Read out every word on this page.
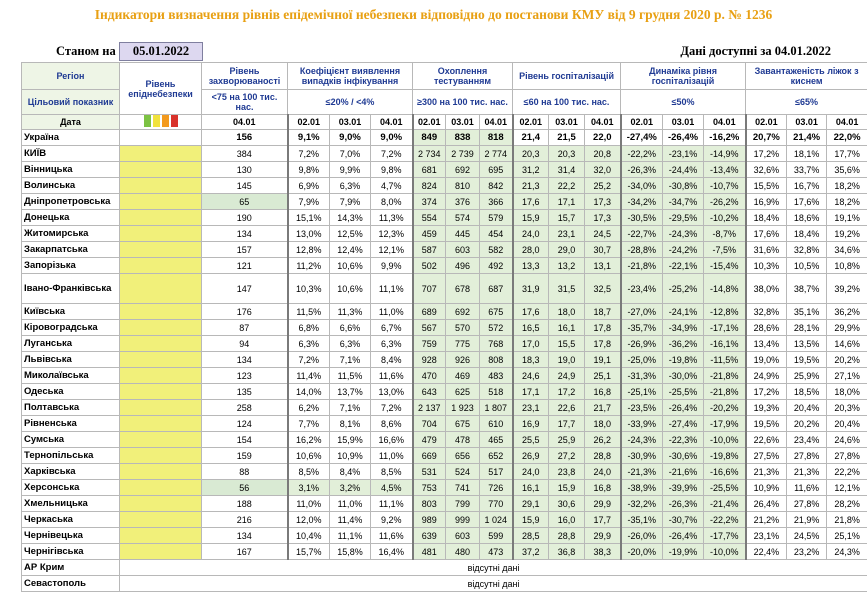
Індикатори визначення рівнів епідемічної небезпеки відповідно до постанови КМУ від 9 грудня 2020 р. № 1236
Станом на	05.01.2022	Дані доступні за 04.01.2022
Регіон	Рівень епіднебезпеки	Рівень захворюваності	Коефіцієнт виявлення випадків інфікування			Охоплення тестуванням			Рівень госпіталізацій			Динаміка рівня госпіталізацій			Завантаженість ліжок з киснем		
Цільовий показник		<75 на 100 тис. нас.	≤20% / <4%			≥300 на 100 тис. нас.			≤60 на 100 тис. нас.			≤50%			≤65%		
Дата		04.01	02.01	03.01	04.01	02.01	03.01	04.01	02.01	03.01	04.01	02.01	03.01	04.01	02.01	03.01	04.01
Україна		156	9,1%	9,0%	9,0%	849	838	818	21,4	21,5	22,0	-27,4%	-26,4%	-16,2%	20,7%	21,4%	22,0%
КИЇВ		384	7,2%	7,0%	7,2%	2 734	2 739	2 774	20,3	20,3	20,8	-22,2%	-23,1%	-14,9%	17,2%	18,1%	17,7%
Вінницька		130	9,8%	9,9%	9,8%	681	692	695	31,2	31,4	32,0	-26,3%	-24,4%	-13,4%	32,6%	33,7%	35,6%
Волинська		145	6,9%	6,3%	4,7%	824	810	842	21,3	22,2	25,2	-34,0%	-30,8%	-10,7%	15,5%	16,7%	18,2%
Дніпропетровська		65	7,9%	7,9%	8,0%	374	376	366	17,6	17,1	17,3	-34,2%	-34,7%	-26,2%	16,9%	17,6%	18,2%
Донецька		190	15,1%	14,3%	11,3%	554	574	579	15,9	15,7	17,3	-30,5%	-29,5%	-10,2%	18,4%	18,6%	19,1%
Житомирська		134	13,0%	12,5%	12,3%	459	445	454	24,0	23,1	24,5	-22,7%	-24,3%	-8,7%	17,6%	18,4%	19,2%
Закарпатська		157	12,8%	12,4%	12,1%	587	603	582	28,0	29,0	30,7	-28,8%	-24,2%	-7,5%	31,6%	32,8%	34,6%
Запорізька		121	11,2%	10,6%	9,9%	502	496	492	13,3	13,2	13,1	-21,8%	-22,1%	-15,4%	10,3%	10,5%	10,8%
Івано-Франківська		147	10,3%	10,6%	11,1%	707	678	687	31,9	31,5	32,5	-23,4%	-25,2%	-14,8%	38,0%	38,7%	39,2%
Київська		176	11,5%	11,3%	11,0%	689	692	675	17,6	18,0	18,7	-27,0%	-24,1%	-12,8%	32,8%	35,1%	36,2%
Кіровоградська		87	6,8%	6,6%	6,7%	567	570	572	16,5	16,1	17,8	-35,7%	-34,9%	-17,1%	28,6%	28,1%	29,9%
Луганська		94	6,3%	6,3%	6,3%	759	775	768	17,0	15,5	17,8	-26,9%	-36,2%	-16,1%	13,4%	13,5%	14,6%
Львівська		134	7,2%	7,1%	8,4%	928	926	808	18,3	19,0	19,1	-25,0%	-19,8%	-11,5%	19,0%	19,5%	20,2%
Миколаївська		123	11,4%	11,5%	11,6%	470	469	483	24,6	24,9	25,1	-31,3%	-30,0%	-21,8%	24,9%	25,9%	27,1%
Одеська		135	14,0%	13,7%	13,0%	643	625	518	17,1	17,2	16,8	-25,1%	-25,5%	-21,8%	17,2%	18,5%	18,0%
Полтавська		258	6,2%	7,1%	7,2%	2 137	1 923	1 807	23,1	22,6	21,7	-23,5%	-26,4%	-20,2%	19,3%	20,4%	20,3%
Рівненська		124	7,7%	8,1%	8,6%	704	675	610	16,9	17,7	18,0	-33,9%	-27,4%	-17,9%	19,5%	20,2%	20,4%
Сумська		154	16,2%	15,9%	16,6%	479	478	465	25,5	25,9	26,2	-24,3%	-22,3%	-10,0%	22,6%	23,4%	24,6%
Тернопільська		159	10,6%	10,9%	11,0%	669	656	652	26,9	27,2	28,8	-30,9%	-30,6%	-19,8%	27,5%	27,8%	27,8%
Харківська		88	8,5%	8,4%	8,5%	531	524	517	24,0	23,8	24,0	-21,3%	-21,6%	-16,6%	21,3%	21,3%	22,2%
Херсонська		56	3,1%	3,2%	4,5%	753	741	726	16,1	15,9	16,8	-38,9%	-39,9%	-25,5%	10,9%	11,6%	12,1%
Хмельницька		188	11,0%	11,0%	11,1%	803	799	770	29,1	30,6	29,9	-32,2%	-26,3%	-21,4%	26,4%	27,8%	28,2%
Черкаська		216	12,0%	11,4%	9,2%	989	999	1 024	15,9	16,0	17,7	-35,1%	-30,7%	-22,2%	21,2%	21,9%	21,8%
Чернівецька		134	10,4%	11,1%	11,6%	639	603	599	28,5	28,8	29,9	-26,0%	-26,4%	-17,7%	23,1%	24,5%	25,1%
Чернігівська		167	15,7%	15,8%	16,4%	481	480	473	37,2	36,8	38,3	-20,0%	-19,9%	-10,0%	22,4%	23,2%	24,3%
АР Крим	відсутні дані																
Севастополь	відсутні дані																
